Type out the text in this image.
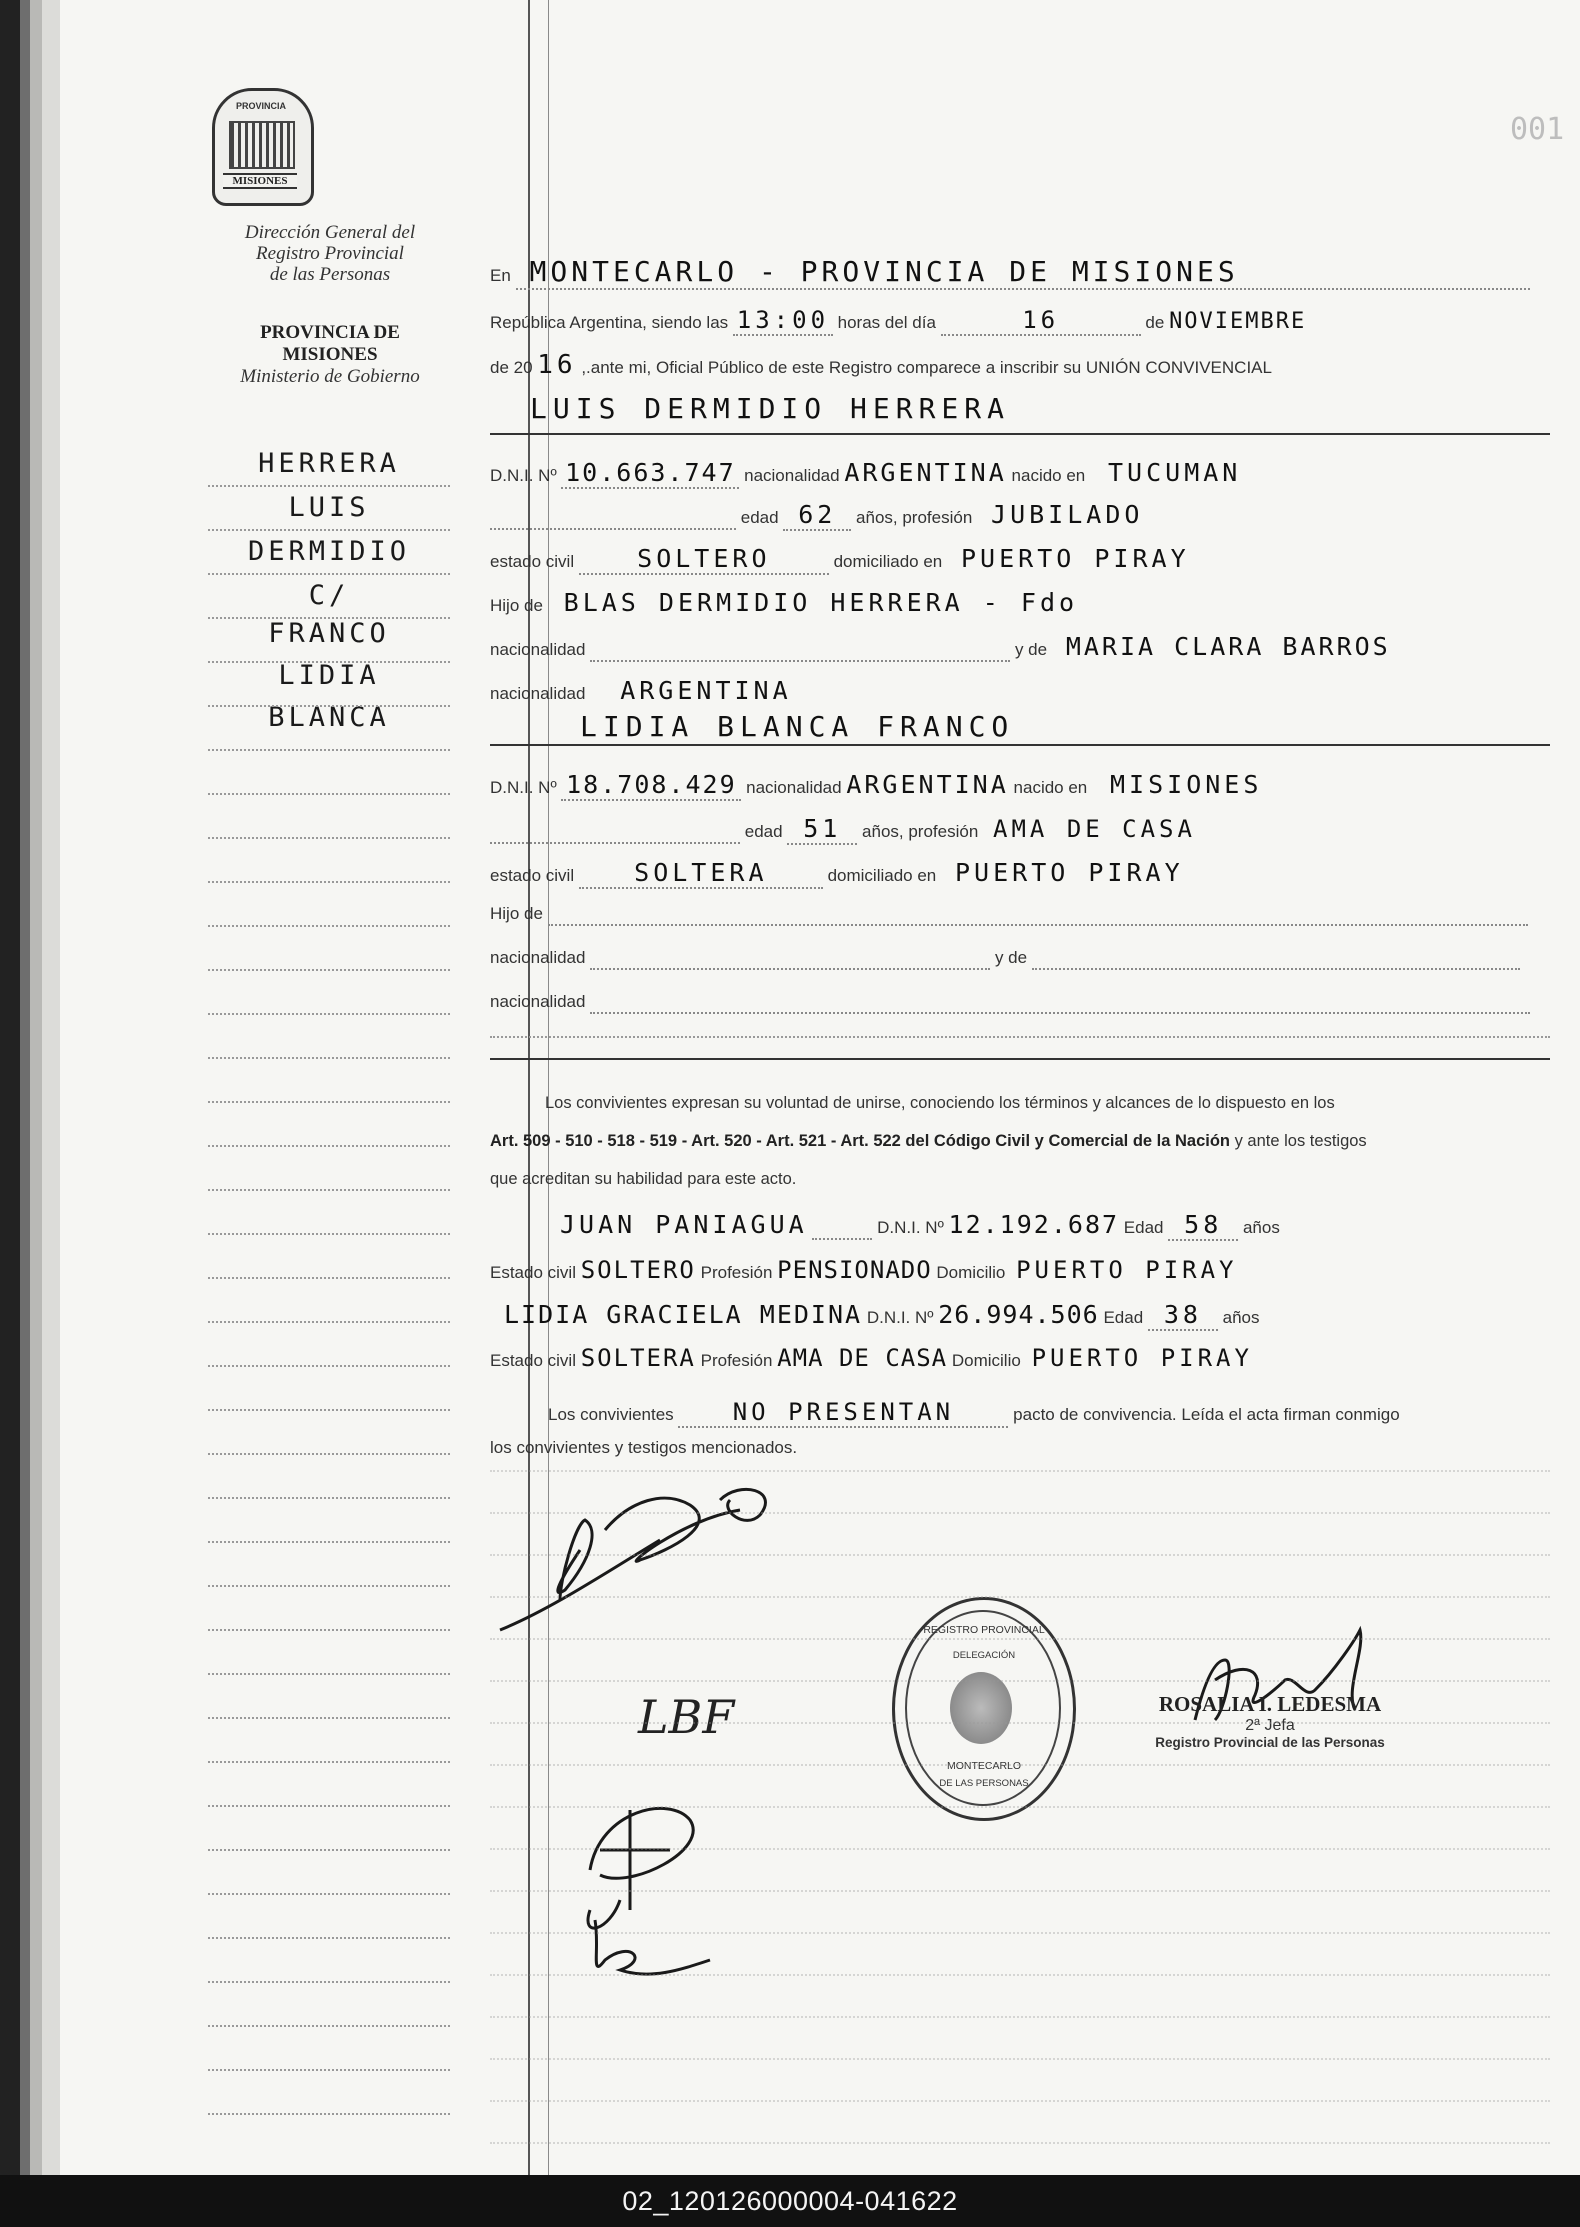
001
PROVINCIA
MISIONES
Dirección General del
Registro Provincial
de las Personas
PROVINCIA DE
MISIONES
Ministerio de Gobierno
HERRERA
LUIS
DERMIDIO
C/
FRANCO
LIDIA
BLANCA
En MONTECARLO - PROVINCIA DE MISIONES
República Argentina, siendo las 13:00 horas del día	16	de NOVIEMBRE
de 20 16 ,.ante mi, Oficial Público de este Registro comparece a inscribir su UNIÓN CONVIVENCIAL
LUIS DERMIDIO HERRERA
D.N.I. Nº 10.663.747 nacionalidad ARGENTINA nacido en TUCUMAN
edad 62 años, profesión JUBILADO
estado civil	SOLTERO	domiciliado en PUERTO PIRAY
Hijo de BLAS DERMIDIO HERRERA - Fdo
nacionalidad	y de MARIA CLARA BARROS
nacionalidad ARGENTINA
LIDIA BLANCA FRANCO
D.N.I. Nº 18.708.429 nacionalidad ARGENTINA nacido en MISIONES
edad 51 años, profesión AMA DE CASA
estado civil SOLTERA	domiciliado en PUERTO PIRAY
Hijo de
nacionalidad	y de
nacionalidad
Los convivientes expresan su voluntad de unirse, conociendo los términos y alcances de lo dispuesto en los
Art. 509 - 510 - 518 - 519 - Art. 520 - Art. 521 - Art. 522 del Código Civil y Comercial de la Nación y ante los testigos
que acreditan su habilidad para este acto.
JUAN PANIAGUA	D.N.I. Nº 12.192.687 Edad 58 años
Estado civil SOLTERO Profesión PENSIONADO Domicilio PUERTO PIRAY
LIDIA GRACIELA MEDINA D.N.I. Nº 26.994.506 Edad 38 años
Estado civil SOLTERA Profesión AMA DE CASA Domicilio PUERTO PIRAY
Los convivientes NO PRESENTAN	pacto de convivencia. Leída el acta firman conmigo
los convivientes y testigos mencionados.
LBF
REGISTRO PROVINCIAL
DELEGACIÓN
MONTECARLO
DE LAS PERSONAS
ROSALIA I. LEDESMA
2ª Jefa
Registro Provincial de las Personas
02_120126000004-041622
